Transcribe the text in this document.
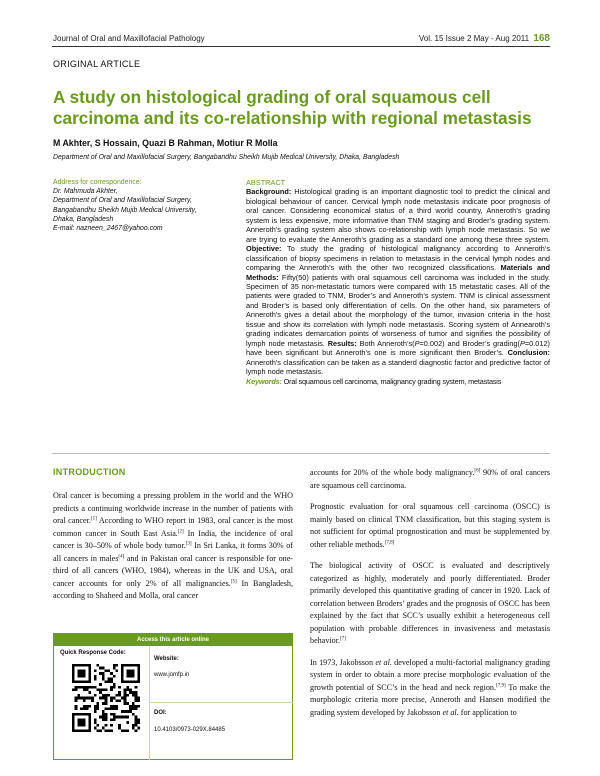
Journal of Oral and Maxillofacial Pathology	Vol. 15 Issue 2 May - Aug 2011 168
ORIGINAL ARTICLE
A study on histological grading of oral squamous cell carcinoma and its co-relationship with regional metastasis
M Akhter, S Hossain, Quazi B Rahman, Motiur R Molla
Department of Oral and Maxillofacial Surgery, Bangabandhu Sheikh Mujib Medical University, Dhaka, Bangladesh
Address for correspondence:
Dr. Mahmuda Akhter,
Department of Oral and Maxillofacial Surgery,
Bangabandhu Sheikh Mujib Medical University,
Dhaka, Bangladesh
E-mail: nazneen_2467@yahoo.com
ABSTRACT
Background: Histological grading is an important diagnostic tool to predict the clinical and biological behaviour of cancer. Cervical lymph node metastasis indicate poor prognosis of oral cancer. Considering economical status of a third world country, Anneroth’s grading system is less expensive, more informative than TNM staging and Broder’s grading system. Anneroth’s grading system also shows co-relationship with lymph node metastasis. So we are trying to evaluate the Anneroth’s grading as a standard one among these three system. Objective: To study the grading of histological malignancy according to Anneroth’s classification of biopsy specimens in relation to metastasis in the cervical lymph nodes and comparing the Anneroth’s with the other two recognized classifications. Materials and Methods: Fifty(50) patients with oral squamous cell carcinoma was included in the study. Specimen of 35 non-metastatic tumors were compared with 15 metastatic cases. All of the patients were graded to TNM, Broder’s and Anneroth’s system. TNM is clinical assessment and Broder’s is based only differentiation of cells. On the other hand, six parameters of Anneroth’s gives a detail about the morphology of the tumor, invasion criteria in the host tissue and show its correlation with lymph node metastasis. Scoring system of Annearoth’s grading indicates demarcation points of worseness of tumor and signifies the possibility of lymph node metastasis. Results: Both Anneroth’s(P=0.002) and Broder’s grading(P=0.012) have been significant but Anneroth’s one is more significant then Broder’s. Conclusion: Anneroth’s classification can be taken as a standerd diagnostic factor and predictive factor of lymph node metastasis.
Keywords: Oral squamous cell carcinoma, malignancy grading system, metastasis
INTRODUCTION

Oral cancer is becoming a pressing problem in the world and the WHO predicts a continuing worldwide increase in the number of patients with oral cancer.[1] According to WHO report in 1983, oral cancer is the most common cancer in South East Asia.[2] In India, the incidence of oral cancer is 30–50% of whole body tumor.[3] In Sri Lanka, it forms 30% of all cancers in males[4] and in Pakistan oral cancer is responsible for one-third of all cancers (WHO, 1984), whereas in the UK and USA, oral cancer accounts for only 2% of all malignancies.[5] In Bangladesh, according to Shaheed and Molla, oral cancer

Access this article online
Quick Response Code:
Website:
www.jomfp.in
DOI:
10.4103/0973-029X.84485

accounts for 20% of the whole body malignancy.[6] 90% of oral cancers are squamous cell carcinoma.

Prognostic evaluation for oral squamous cell carcinoma (OSCC) is mainly based on clinical TNM classification, but this staging system is not sufficient for optimal prognostication and must be supplemented by other reliable methods.[7,8]

The biological activity of OSCC is evaluated and descriptively categorized as highly, moderately and poorly differentiated. Broder primarily developed this quantitative grading of cancer in 1920. Lack of correlation between Broders’ grades and the prognosis of OSCC has been explained by the fact that SCC’s usually exhibit a heterogeneous cell population with probable differences in invasiveness and metastasis behavior.[7]

In 1973, Jakobsson et al. developed a multi-factorial malignancy grading system in order to obtain a more precise morphologic evaluation of the growth potential of SCC’s in the head and neck region.[7,9] To make the morphologic criteria more precise, Anneroth and Hansen modified the grading system developed by Jakobsson et al. for application to
